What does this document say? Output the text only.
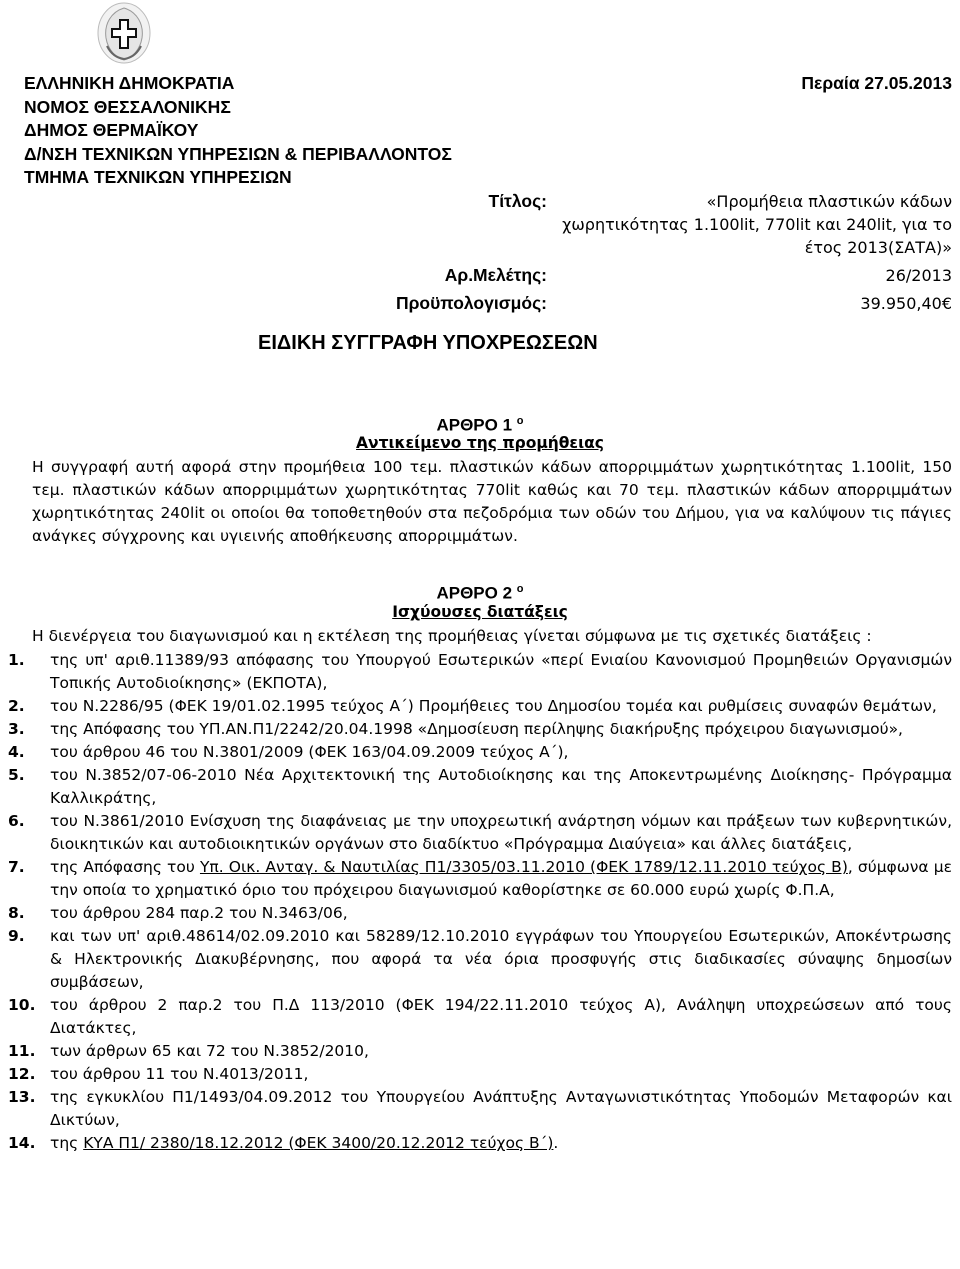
ΕΛΛΗΝΙΚΗ ΔΗΜΟΚΡΑΤΙΑ
ΝΟΜΟΣ ΘΕΣΣΑΛΟΝΙΚΗΣ
ΔΗΜΟΣ ΘΕΡΜΑΪΚΟΥ
Δ/ΝΣΗ ΤΕΧΝΙΚΩΝ ΥΠΗΡΕΣΙΩΝ & ΠΕΡΙΒΑΛΛΟΝΤΟΣ
ΤΜΗΜΑ ΤΕΧΝΙΚΩΝ ΥΠΗΡΕΣΙΩΝ
Περαία 27.05.2013
Τίτλος:	«Προμήθεια πλαστικών κάδων
χωρητικότητας 1.100lit, 770lit και 240lit, για το
έτος 2013(ΣΑΤΑ)»
Αρ.Μελέτης:	26/2013
Προϋπολογισμός:	39.950,40€
ΕΙΔΙΚΗ ΣΥΓΓΡΑΦΗ ΥΠΟΧΡΕΩΣΕΩΝ
ΑΡΘΡΟ 1 $^o$
Αντικείμενο της προμήθειας
Η συγγραφή αυτή αφορά στην προμήθεια 100 τεμ. πλαστικών κάδων απορριμμάτων χωρητικότητας 1.100lit, 150 τεμ. πλαστικών κάδων απορριμμάτων χωρητικότητας 770lit καθώς και 70 τεμ. πλαστικών κάδων απορριμμάτων χωρητικότητας 240lit οι οποίοι θα τοποθετηθούν στα πεζοδρόμια των οδών του Δήμου, για να καλύψουν τις πάγιες ανάγκες σύγχρονης και υγιεινής αποθήκευσης απορριμμάτων.
ΑΡΘΡΟ 2 $^o$
Ισχύουσες διατάξεις
Η διενέργεια του διαγωνισμού και η εκτέλεση της προμήθειας γίνεται σύμφωνα με τις σχετικές διατάξεις :
1. της υπ' αριθ.11389/93 απόφασης του Υπουργού Εσωτερικών «περί Ενιαίου Κανονισμού Προμηθειών Οργανισμών Τοπικής Αυτοδιοίκησης» (ΕΚΠΟΤΑ),
2. του Ν.2286/95 (ΦΕΚ 19/01.02.1995 τεύχος Α΄) Προμήθειες του Δημοσίου τομέα και ρυθμίσεις συναφών θεμάτων,
3. της Απόφασης του ΥΠ.ΑΝ.Π1/2242/20.04.1998 «Δημοσίευση περίληψης διακήρυξης πρόχειρου διαγωνισμού»,
4. του άρθρου 46 του Ν.3801/2009 (ΦΕΚ 163/04.09.2009 τεύχος Α΄),
5. του Ν.3852/07-06-2010 Νέα Αρχιτεκτονική της Αυτοδιοίκησης και της Αποκεντρωμένης Διοίκησης- Πρόγραμμα Καλλικράτης,
6. του Ν.3861/2010 Ενίσχυση της διαφάνειας με την υποχρεωτική ανάρτηση νόμων και πράξεων των κυβερνητικών, διοικητικών και αυτοδιοικητικών οργάνων στο διαδίκτυο «Πρόγραμμα Διαύγεια» και άλλες διατάξεις,
7. της Απόφασης του Υπ. Οικ. Ανταγ. & Ναυτιλίας Π1/3305/03.11.2010 (ΦΕΚ 1789/12.11.2010 τεύχος Β), σύμφωνα με την οποία το χρηματικό όριο του πρόχειρου διαγωνισμού καθορίστηκε σε 60.000 ευρώ χωρίς Φ.Π.Α,
8. του άρθρου 284 παρ.2 του Ν.3463/06,
9. και των υπ' αριθ.48614/02.09.2010 και 58289/12.10.2010 εγγράφων του Υπουργείου Εσωτερικών, Αποκέντρωσης & Ηλεκτρονικής Διακυβέρνησης, που αφορά τα νέα όρια προσφυγής στις διαδικασίες σύναψης δημοσίων συμβάσεων,
10. του άρθρου 2 παρ.2 του Π.Δ 113/2010 (ΦΕΚ 194/22.11.2010 τεύχος Α), Ανάληψη υποχρεώσεων από τους Διατάκτες,
11. των άρθρων 65 και 72 του Ν.3852/2010,
12. του άρθρου 11 του Ν.4013/2011,
13. της εγκυκλίου Π1/1493/04.09.2012 του Υπουργείου Ανάπτυξης Ανταγωνιστικότητας Υποδομών Μεταφορών και Δικτύων,
14. της ΚΥΑ Π1/ 2380/18.12.2012 (ΦΕΚ 3400/20.12.2012 τεύχος Β΄).
